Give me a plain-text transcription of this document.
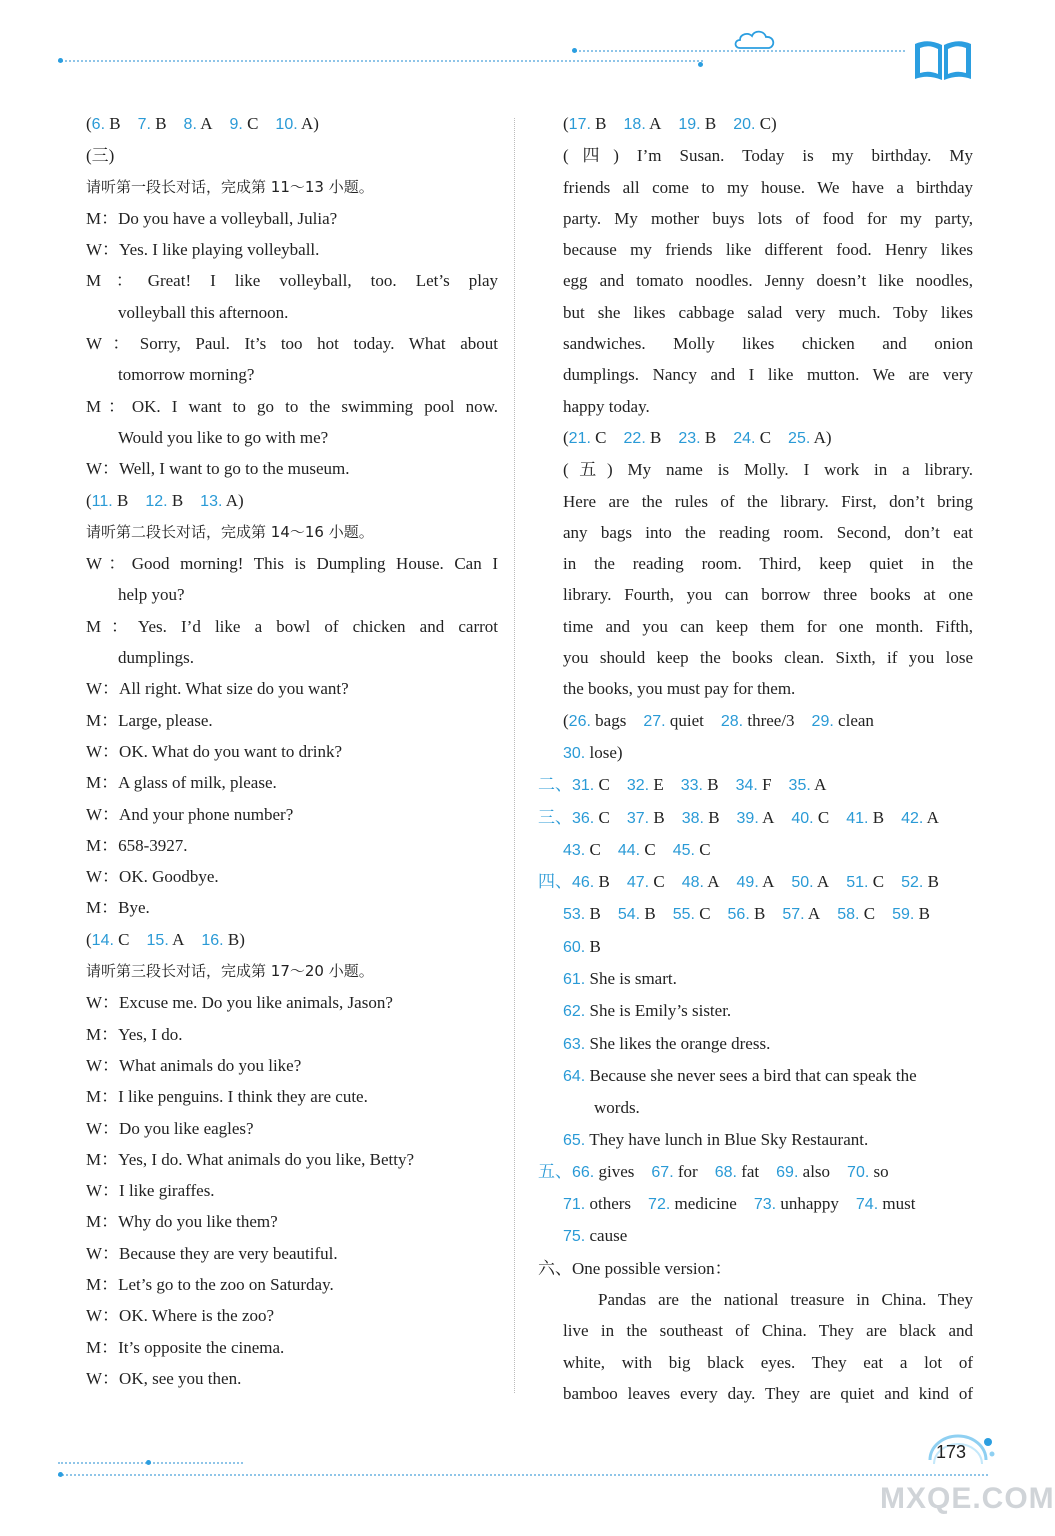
(6. B 7. B 8. A 9. C 10. A)
(三)
请听第一段长对话，完成第 11～13 小题。
M：Do you have a volleyball, Julia?
W：Yes. I like playing volleyball.
M：Great! I like volleyball, too. Let’s play
volleyball this afternoon.
W：Sorry, Paul. It’s too hot today. What about
tomorrow morning?
M：OK. I want to go to the swimming pool now.
Would you like to go with me?
W：Well, I want to go to the museum.
(11. B 12. B 13. A)
请听第二段长对话，完成第 14～16 小题。
W：Good morning! This is Dumpling House. Can I
help you?
M：Yes. I’d like a bowl of chicken and carrot
dumplings.
W：All right. What size do you want?
M：Large, please.
W：OK. What do you want to drink?
M：A glass of milk, please.
W：And your phone number?
M：658-3927.
W：OK. Goodbye.
M：Bye.
(14. C 15. A 16. B)
请听第三段长对话，完成第 17～20 小题。
W：Excuse me. Do you like animals, Jason?
M：Yes, I do.
W：What animals do you like?
M：I like penguins. I think they are cute.
W：Do you like eagles?
M：Yes, I do. What animals do you like, Betty?
W：I like giraffes.
M：Why do you like them?
W：Because they are very beautiful.
M：Let’s go to the zoo on Saturday.
W：OK. Where is the zoo?
M：It’s opposite the cinema.
W：OK, see you then.
(17. B 18. A 19. B 20. C)
(四) I’m Susan. Today is my birthday. My
friends all come to my house. We have a birthday
party. My mother buys lots of food for my party,
because my friends like different food. Henry likes
egg and tomato noodles. Jenny doesn’t like noodles,
but she likes cabbage salad very much. Toby likes
sandwiches. Molly likes chicken and onion
dumplings. Nancy and I like mutton. We are very
happy today.
(21. C 22. B 23. B 24. C 25. A)
(五) My name is Molly. I work in a library.
Here are the rules of the library. First, don’t bring
any bags into the reading room. Second, don’t eat
in the reading room. Third, keep quiet in the
library. Fourth, you can borrow three books at one
time and you can keep them for one month. Fifth,
you should keep the books clean. Sixth, if you lose
the books, you must pay for them.
(26. bags 27. quiet 28. three/3 29. clean
30. lose)
二、31. C 32. E 33. B 34. F 35. A
三、36. C 37. B 38. B 39. A 40. C 41. B 42. A
43. C 44. C 45. C
四、46. B 47. C 48. A 49. A 50. A 51. C 52. B
53. B 54. B 55. C 56. B 57. A 58. C 59. B
60. B
61. She is smart.
62. She is Emily’s sister.
63. She likes the orange dress.
64. Because she never sees a bird that can speak the
words.
65. They have lunch in Blue Sky Restaurant.
五、66. gives 67. for 68. fat 69. also 70. so
71. others 72. medicine 73. unhappy 74. must
75. cause
六、One possible version：
Pandas are the national treasure in China. They
live in the southeast of China. They are black and
white, with big black eyes. They eat a lot of
bamboo leaves every day. They are quiet and kind of
173
MXQE.COM
